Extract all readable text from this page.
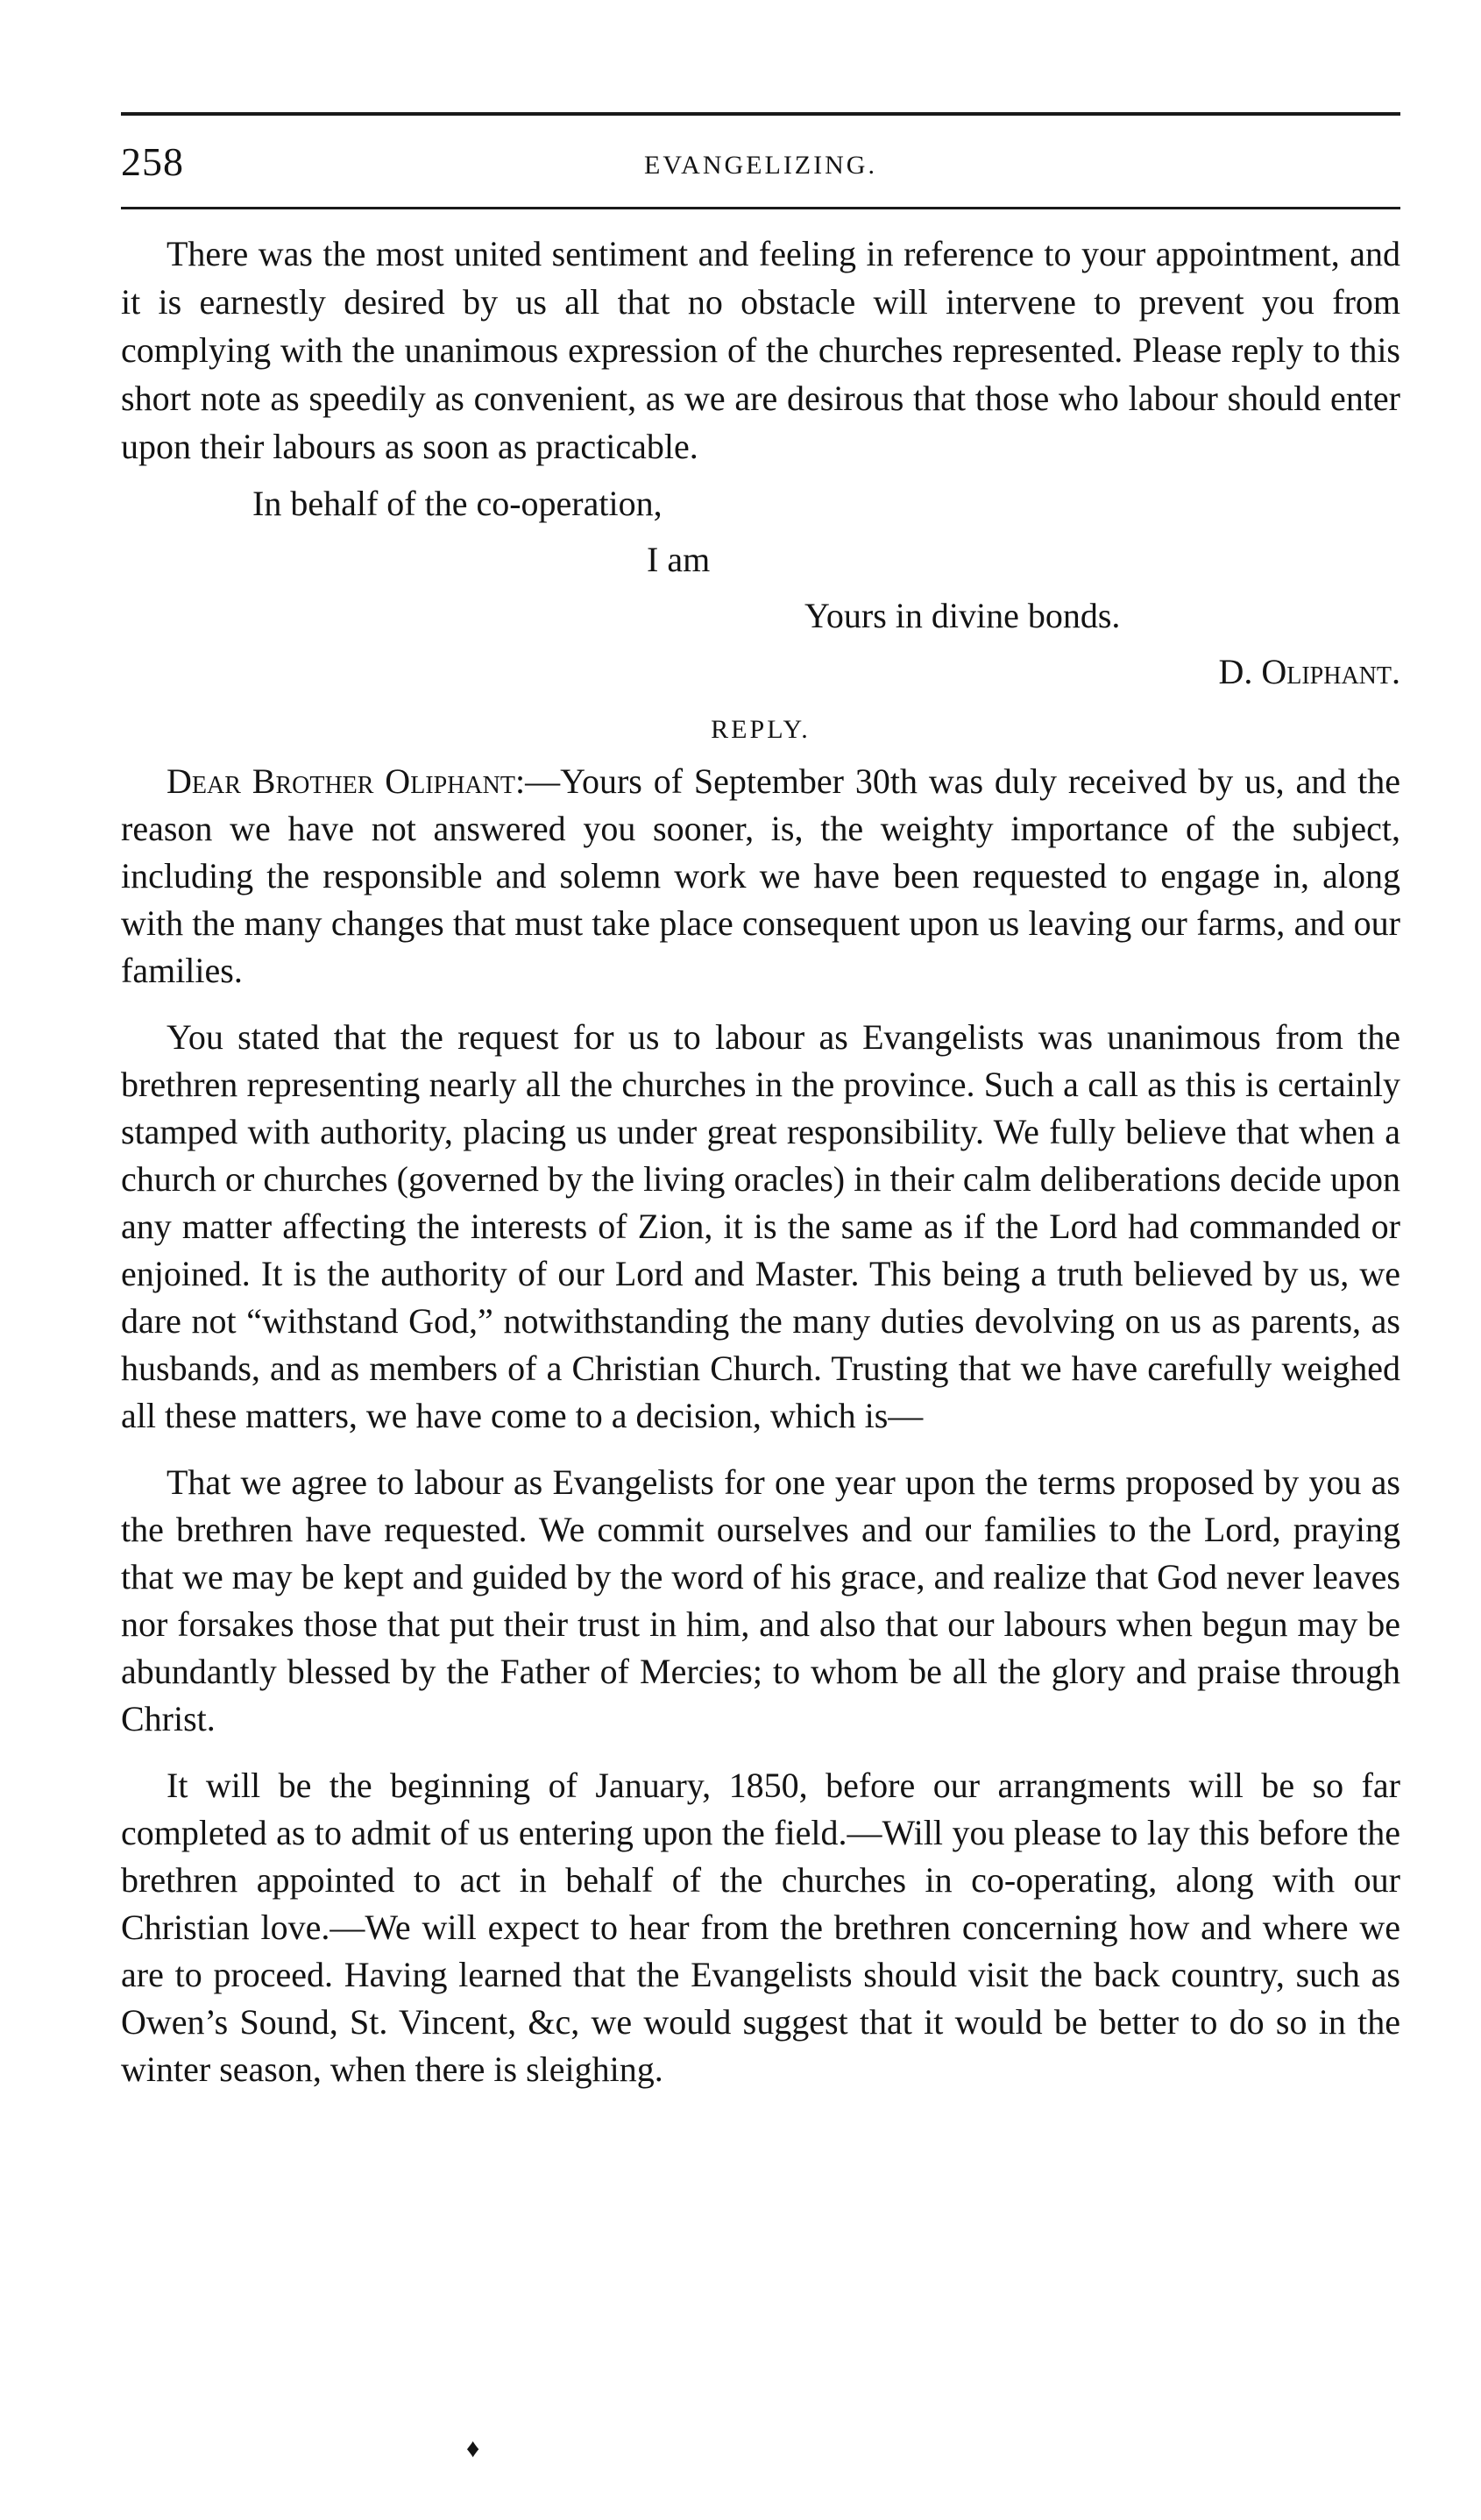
258	EVANGELIZING.

There was the most united sentiment and feeling in reference to your appointment, and it is earnestly desired by us all that no obstacle will intervene to prevent you from complying with the unanimous expression of the churches represented. Please reply to this short note as speedily as convenient, as we are desirous that those who labour should enter upon their labours as soon as practicable.

In behalf of the co-operation,

I am

Yours in divine bonds.

D. Oliphant.

REPLY.

Dear Brother Oliphant:—Yours of September 30th was duly received by us, and the reason we have not answered you sooner, is, the weighty importance of the subject, including the responsible and solemn work we have been requested to engage in, along with the many changes that must take place consequent upon us leaving our farms, and our families.

You stated that the request for us to labour as Evangelists was unanimous from the brethren representing nearly all the churches in the province. Such a call as this is certainly stamped with authority, placing us under great responsibility. We fully believe that when a church or churches (governed by the living oracles) in their calm deliberations decide upon any matter affecting the interests of Zion, it is the same as if the Lord had commanded or enjoined. It is the authority of our Lord and Master. This being a truth believed by us, we dare not “withstand God,” notwithstanding the many duties devolving on us as parents, as husbands, and as members of a Christian Church. Trusting that we have carefully weighed all these matters, we have come to a decision, which is—

That we agree to labour as Evangelists for one year upon the terms proposed by you as the brethren have requested. We commit ourselves and our families to the Lord, praying that we may be kept and guided by the word of his grace, and realize that God never leaves nor forsakes those that put their trust in him, and also that our labours when begun may be abundantly blessed by the Father of Mercies; to whom be all the glory and praise through Christ.

It will be the beginning of January, 1850, before our arrangments will be so far completed as to admit of us entering upon the field.—Will you please to lay this before the brethren appointed to act in behalf of the churches in co-operating, along with our Christian love.—We will expect to hear from the brethren concerning how and where we are to proceed. Having learned that the Evangelists should visit the back country, such as Owen’s Sound, St. Vincent, &c, we would suggest that it would be better to do so in the winter season, when there is sleighing.

♦
